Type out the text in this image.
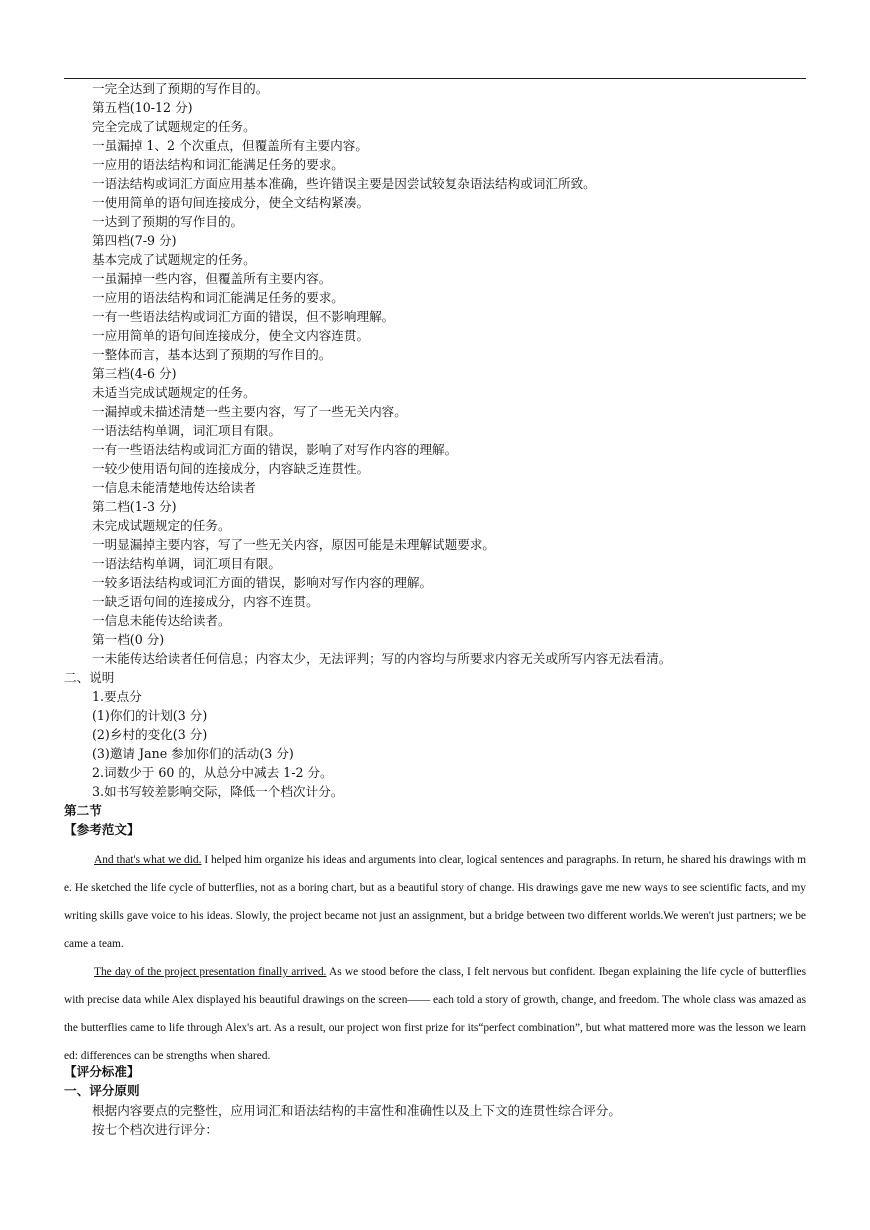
一完全达到了预期的写作目的。
第五档(10-12 分)
完全完成了试题规定的任务。
一虽漏掉 1、2 个次重点，但覆盖所有主要内容。
一应用的语法结构和词汇能满足任务的要求。
一语法结构或词汇方面应用基本准确，些许错误主要是因尝试较复杂语法结构或词汇所致。
一使用简单的语句间连接成分，使全文结构紧凑。
一达到了预期的写作目的。
第四档(7-9 分)
基本完成了试题规定的任务。
一虽漏掉一些内容，但覆盖所有主要内容。
一应用的语法结构和词汇能满足任务的要求。
一有一些语法结构或词汇方面的错误，但不影响理解。
一应用简单的语句间连接成分，使全文内容连贯。
一整体而言，基本达到了预期的写作目的。
第三档(4-6 分)
未适当完成试题规定的任务。
一漏掉或未描述清楚一些主要内容，写了一些无关内容。
一语法结构单调，词汇项目有限。
一有一些语法结构或词汇方面的错误，影响了对写作内容的理解。
一较少使用语句间的连接成分，内容缺乏连贯性。
一信息未能清楚地传达给读者
第二档(1-3 分)
未完成试题规定的任务。
一明显漏掉主要内容，写了一些无关内容，原因可能是未理解试题要求。
一语法结构单调，词汇项目有限。
一较多语法结构或词汇方面的错误，影响对写作内容的理解。
一缺乏语句间的连接成分，内容不连贯。
一信息未能传达给读者。
第一档(0 分)
一未能传达给读者任何信息；内容太少，无法评判；写的内容均与所要求内容无关或所写内容无法看清。
二、说明
1.要点分
(1)你们的计划(3 分)
(2)乡村的变化(3 分)
(3)邀请 Jane 参加你们的活动(3 分)
2.词数少于 60 的，从总分中减去 1-2 分。
3.如书写较差影响交际，降低一个档次计分。
第二节
【参考范文】

And that's what we did. I helped him organize his ideas and arguments into clear, logical sentences and paragraphs. In return, he shared his drawings with me. He sketched the life cycle of butterflies, not as a boring chart, but as a beautiful story of change. His drawings gave me new ways to see scientific facts, and my writing skills gave voice to his ideas. Slowly, the project became not just an assignment, but a bridge between two different worlds.We weren't just partners; we became a team.

The day of the project presentation finally arrived. As we stood before the class, I felt nervous but confident. Ibegan explaining the life cycle of butterflies with precise data while Alex displayed his beautiful drawings on the screen—— each told a story of growth, change, and freedom. The whole class was amazed as the butterflies came to life through Alex's art. As a result, our project won first prize for its“perfect combination”, but what mattered more was the lesson we learned: differences can be strengths when shared.

【评分标准】
一、评分原则
根据内容要点的完整性，应用词汇和语法结构的丰富性和准确性以及上下文的连贯性综合评分。
按七个档次进行评分：
